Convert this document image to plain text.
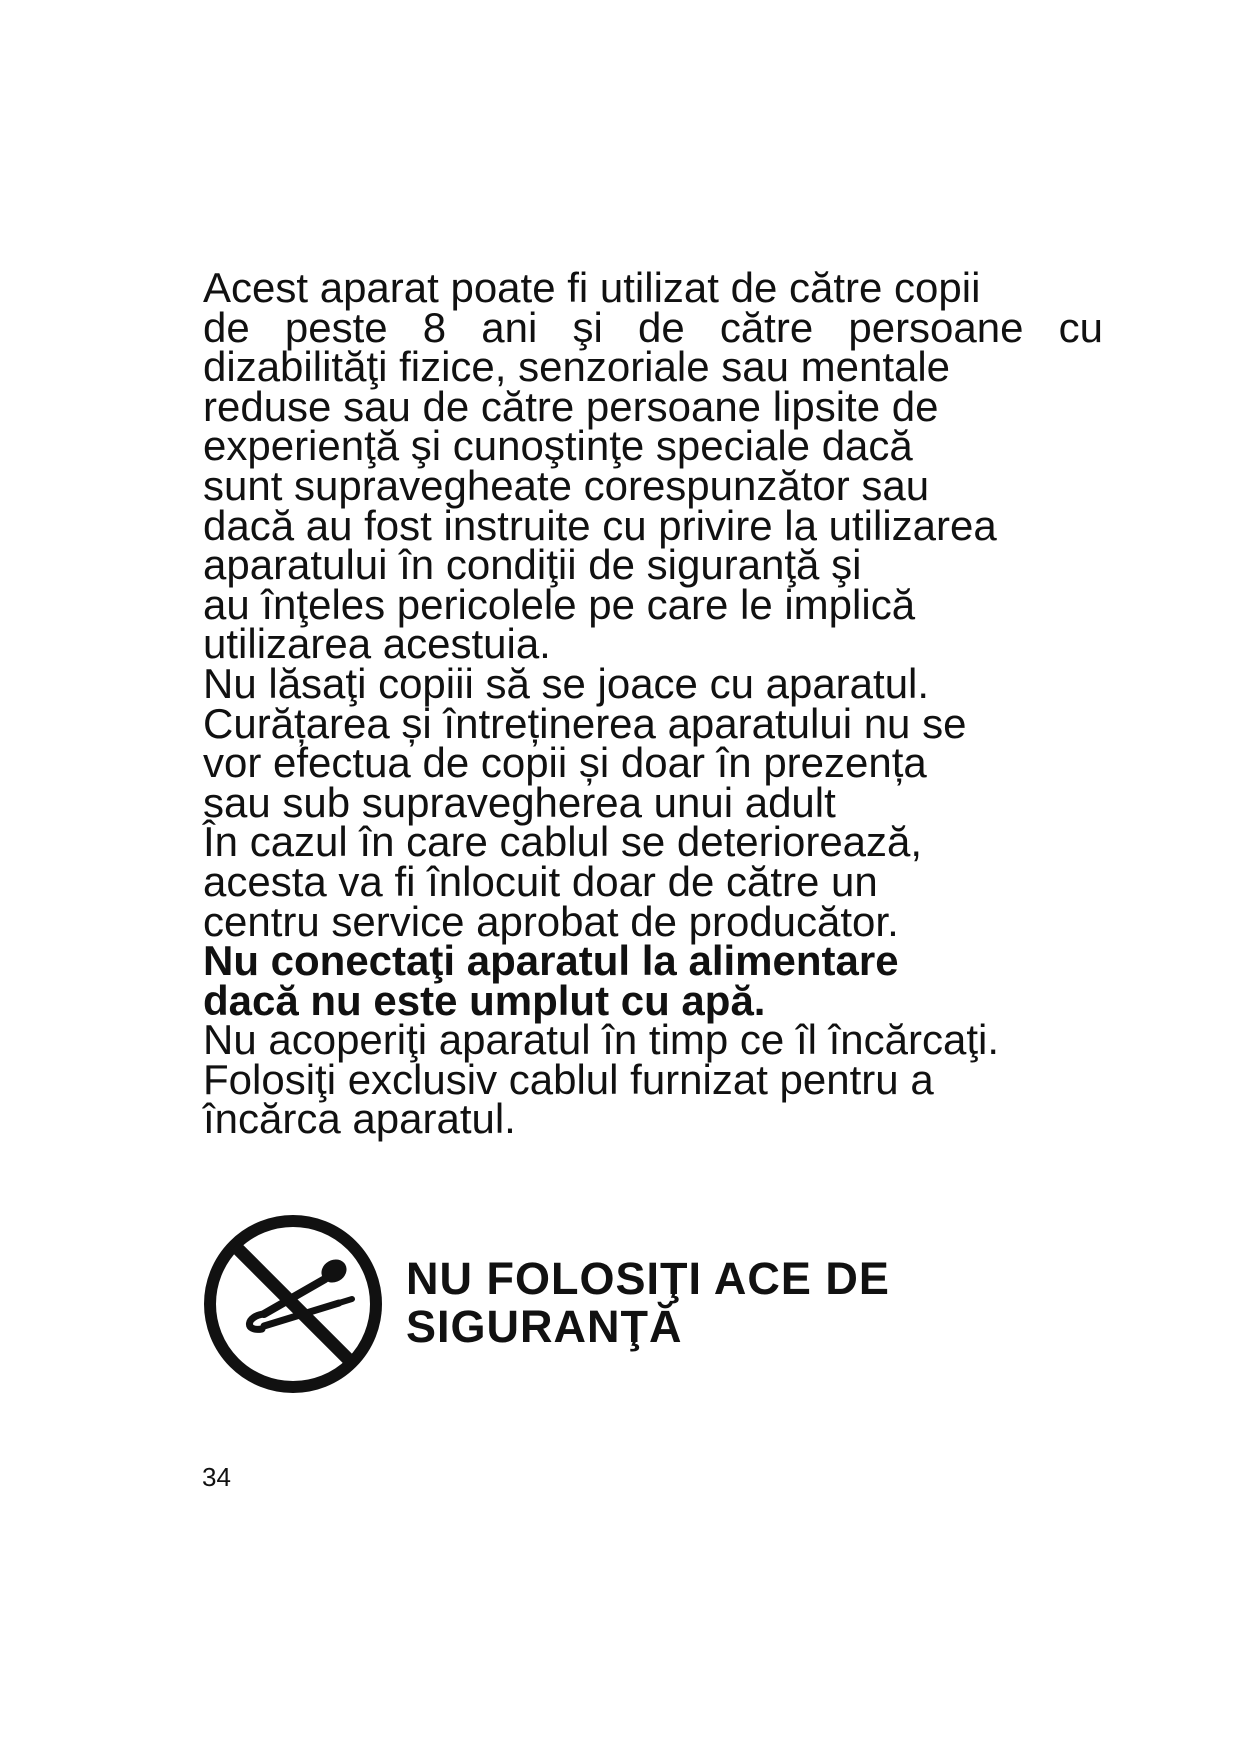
Acest aparat poate fi utilizat de către copii
de peste 8 ani şi de către persoane cu
dizabilităţi fizice, senzoriale sau mentale
reduse sau de către persoane lipsite de
experienţă şi cunoştinţe speciale dacă
sunt supravegheate corespunzător sau
dacă au fost instruite cu privire la utilizarea
aparatului în condiţii de siguranţă şi
au înţeles pericolele pe care le implică
utilizarea acestuia.
Nu lăsaţi copiii să se joace cu aparatul.
Curățarea și întreținerea aparatului nu se
vor efectua de copii și doar în prezența
sau sub supravegherea unui adult
În cazul în care cablul se deteriorează,
acesta va fi înlocuit doar de către un
centru service aprobat de producător.
Nu conectaţi aparatul la alimentare
dacă nu este umplut cu apă.
Nu acoperiţi aparatul în timp ce îl încărcaţi.
Folosiţi exclusiv cablul furnizat pentru a
încărca aparatul.
NU FOLOSIŢI ACE DE
SIGURANŢĂ
34
